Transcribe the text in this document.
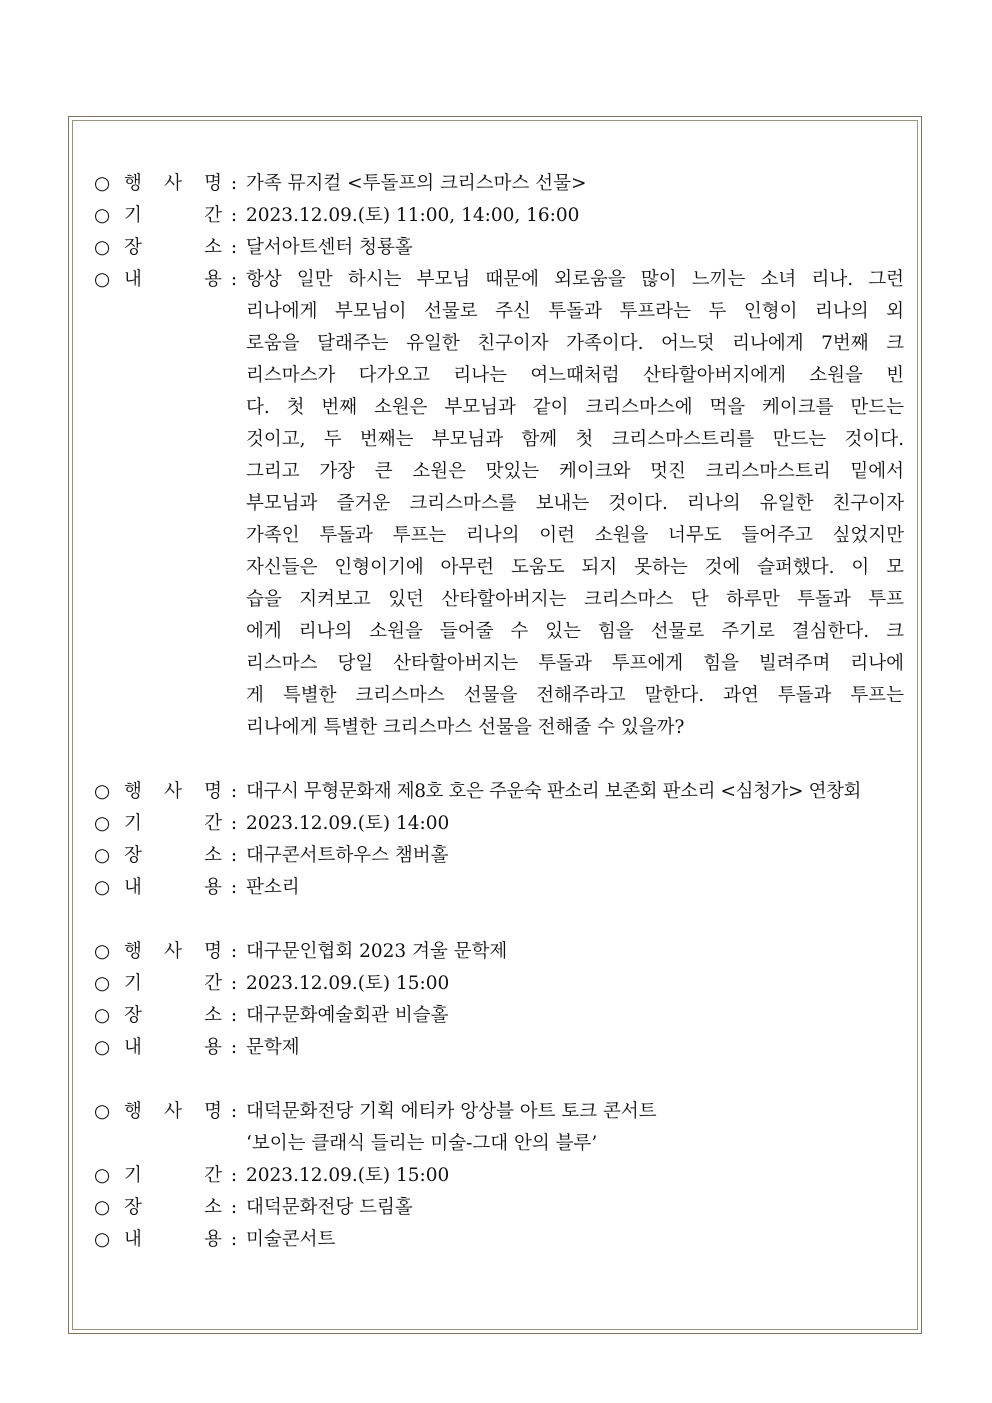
○ 행 사 명 : 가족 뮤지컬 <투돌프의 크리스마스 선물>
○ 기	간 : 2023.12.09.(토) 11:00, 14:00, 16:00
○ 장	소 : 달서아트센터 청룡홀
○ 내	용 : 항상 일만 하시는 부모님 때문에 외로움을 많이 느끼는 소녀 리나. 그런
리나에게 부모님이 선물로 주신 투돌과 투프라는 두 인형이 리나의 외
로움을 달래주는 유일한 친구이자 가족이다. 어느덧 리나에게 7번째 크
리스마스가 다가오고 리나는 여느때처럼 산타할아버지에게 소원을 빈
다. 첫 번째 소원은 부모님과 같이 크리스마스에 먹을 케이크를 만드는
것이고, 두 번째는 부모님과 함께 첫 크리스마스트리를 만드는 것이다.
그리고 가장 큰 소원은 맛있는 케이크와 멋진 크리스마스트리 밑에서
부모님과 즐거운 크리스마스를 보내는 것이다. 리나의 유일한 친구이자
가족인 투돌과 투프는 리나의 이런 소원을 너무도 들어주고 싶었지만
자신들은 인형이기에 아무런 도움도 되지 못하는 것에 슬퍼했다. 이 모
습을 지켜보고 있던 산타할아버지는 크리스마스 단 하루만 투돌과 투프
에게 리나의 소원을 들어줄 수 있는 힘을 선물로 주기로 결심한다. 크
리스마스 당일 산타할아버지는 투돌과 투프에게 힘을 빌려주며 리나에
게 특별한 크리스마스 선물을 전해주라고 말한다. 과연 투돌과 투프는
리나에게 특별한 크리스마스 선물을 전해줄 수 있을까?
○ 행 사 명 : 대구시 무형문화재 제8호 호은 주운숙 판소리 보존회 판소리 <심청가> 연창회
○ 기	간 : 2023.12.09.(토) 14:00
○ 장	소 : 대구콘서트하우스 챔버홀
○ 내	용 : 판소리
○ 행 사 명 : 대구문인협회 2023 겨울 문학제
○ 기	간 : 2023.12.09.(토) 15:00
○ 장	소 : 대구문화예술회관 비슬홀
○ 내	용 : 문학제
○ 행 사 명 : 대덕문화전당 기획 에티카 앙상블 아트 토크 콘서트
‘보이는 클래식 들리는 미술-그대 안의 블루’
○ 기	간 : 2023.12.09.(토) 15:00
○ 장	소 : 대덕문화전당 드림홀
○ 내	용 : 미술콘서트
